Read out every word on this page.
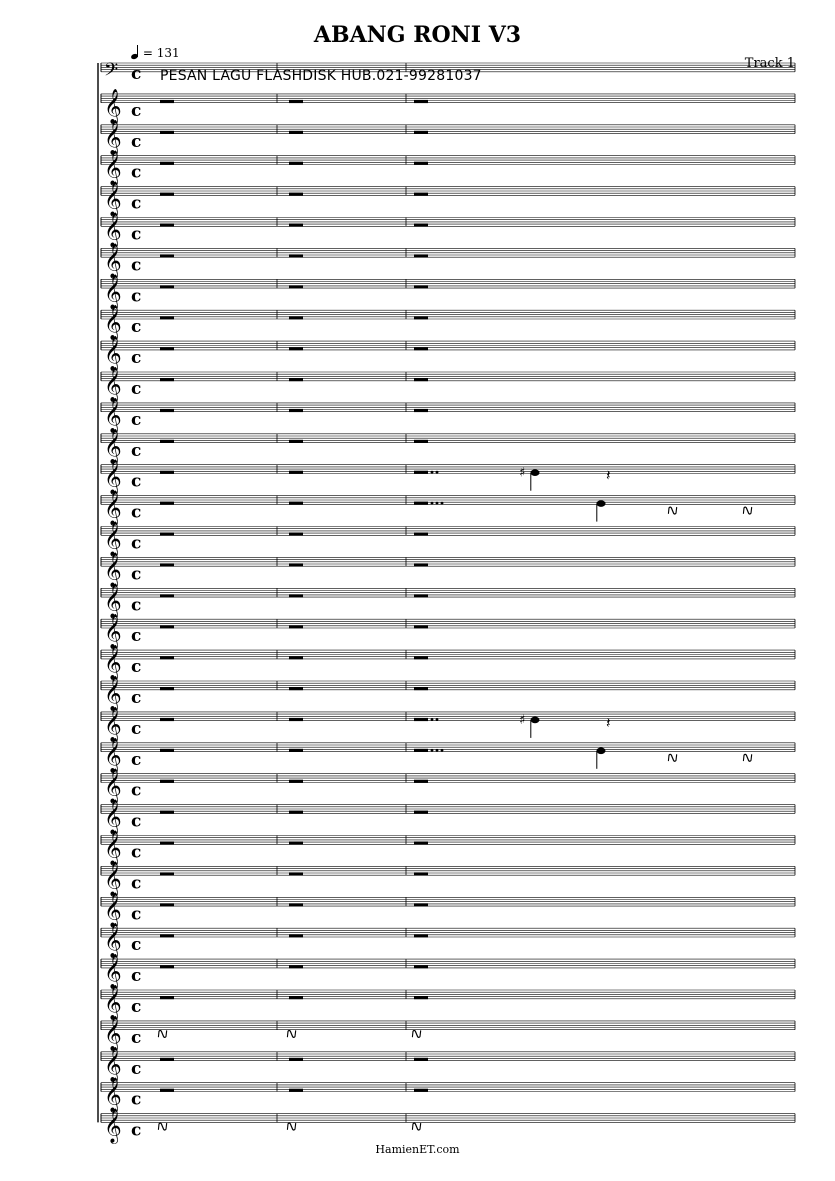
ABANG RONI V3
= 131
PESAN LAGU FLASHDISK HUB.021-99281037
Track 1
𝄢 c
𝄞 c
𝄞 c
𝄞 c
𝄞 c
𝄞 c
𝄞 c
𝄞 c
𝄞 c
𝄞 c
𝄞 c
𝄞 c
𝄞 c
𝄞 c	♯	𝄽
𝄞 c	☡	☡
𝄞 c
𝄞 c
𝄞 c
𝄞 c
𝄞 c
𝄞 c
𝄞 c	♯	𝄽
𝄞 c	☡	☡
𝄞 c
𝄞 c
𝄞 c
𝄞 c
𝄞 c
𝄞 c
𝄞 c
𝄞 c
𝄞 c ☡	☡	☡
𝄞 c
𝄞 c
𝄞 c ☡	☡	☡
HamienET.com
